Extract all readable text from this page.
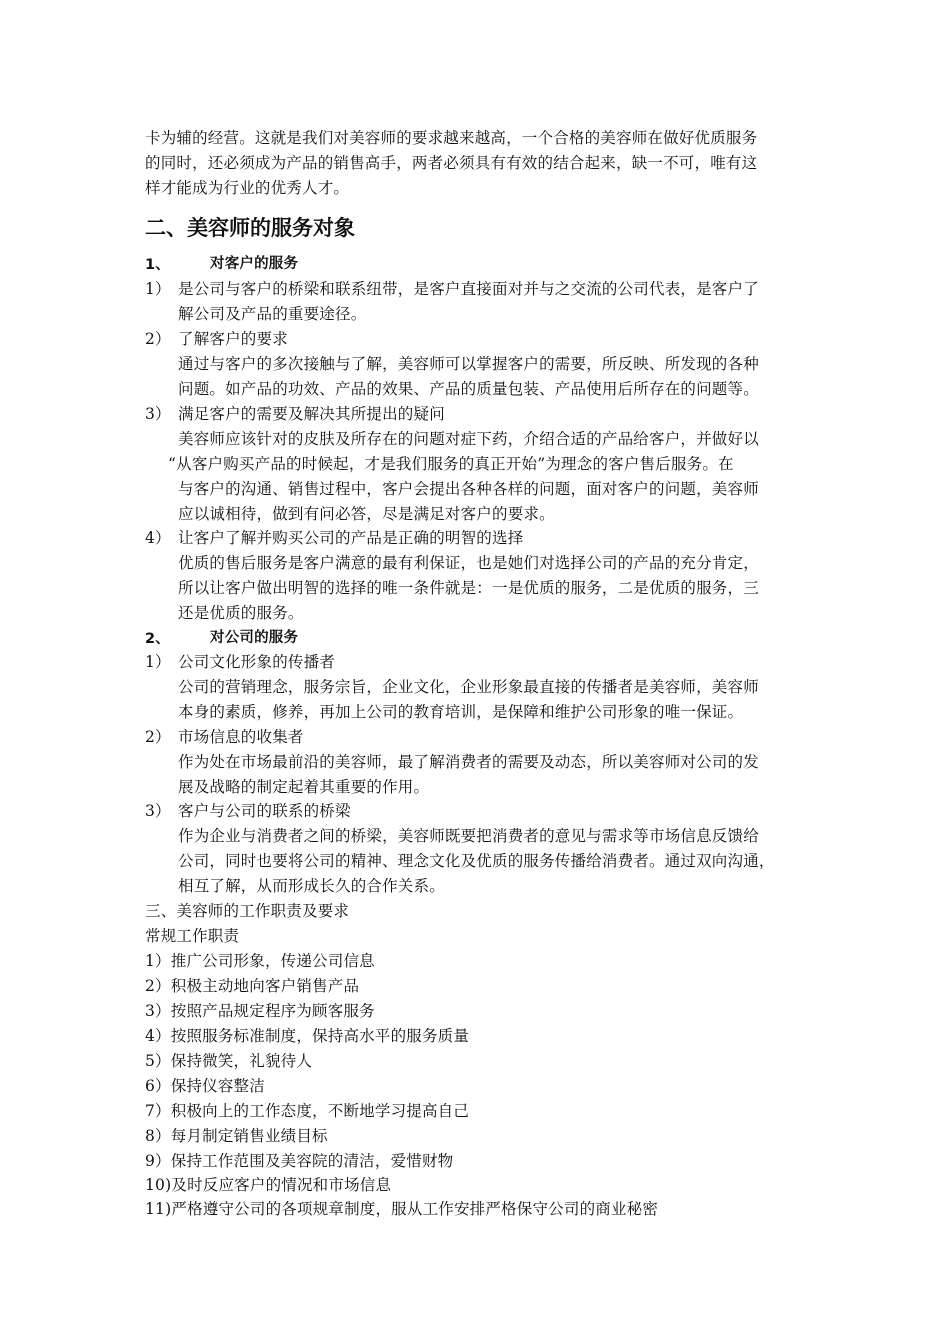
卡为辅的经营。这就是我们对美容师的要求越来越高，一个合格的美容师在做好优质服务
的同时，还必须成为产品的销售高手，两者必须具有有效的结合起来，缺一不可，唯有这
样才能成为行业的优秀人才。
二、美容师的服务对象
1、	对客户的服务
1） 是公司与客户的桥梁和联系纽带，是客户直接面对并与之交流的公司代表，是客户了
解公司及产品的重要途径。
2） 了解客户的要求
通过与客户的多次接触与了解，美容师可以掌握客户的需要，所反映、所发现的各种
问题。如产品的功效、产品的效果、产品的质量包装、产品使用后所存在的问题等。
3） 满足客户的需要及解决其所提出的疑问
美容师应该针对的皮肤及所存在的问题对症下药，介绍合适的产品给客户，并做好以
“从客户购买产品的时候起，才是我们服务的真正开始”为理念的客户售后服务。在
与客户的沟通、销售过程中，客户会提出各种各样的问题，面对客户的问题，美容师
应以诚相待，做到有问必答，尽是满足对客户的要求。
4） 让客户了解并购买公司的产品是正确的明智的选择
优质的售后服务是客户满意的最有利保证，也是她们对选择公司的产品的充分肯定，
所以让客户做出明智的选择的唯一条件就是：一是优质的服务，二是优质的服务，三
还是优质的服务。
2、	对公司的服务
1） 公司文化形象的传播者
公司的营销理念，服务宗旨，企业文化，企业形象最直接的传播者是美容师，美容师
本身的素质，修养，再加上公司的教育培训，是保障和维护公司形象的唯一保证。
2） 市场信息的收集者
作为处在市场最前沿的美容师，最了解消费者的需要及动态，所以美容师对公司的发
展及战略的制定起着其重要的作用。
3） 客户与公司的联系的桥梁
作为企业与消费者之间的桥梁，美容师既要把消费者的意见与需求等市场信息反馈给
公司，同时也要将公司的精神、理念文化及优质的服务传播给消费者。通过双向沟通，
相互了解，从而形成长久的合作关系。
三、美容师的工作职责及要求
常规工作职责
1）推广公司形象，传递公司信息
2）积极主动地向客户销售产品
3）按照产品规定程序为顾客服务
4）按照服务标准制度，保持高水平的服务质量
5）保持微笑，礼貌待人
6）保持仪容整洁
7）积极向上的工作态度，不断地学习提高自己
8）每月制定销售业绩目标
9）保持工作范围及美容院的清洁，爱惜财物
10)及时反应客户的情况和市场信息
11)严格遵守公司的各项规章制度，服从工作安排严格保守公司的商业秘密
